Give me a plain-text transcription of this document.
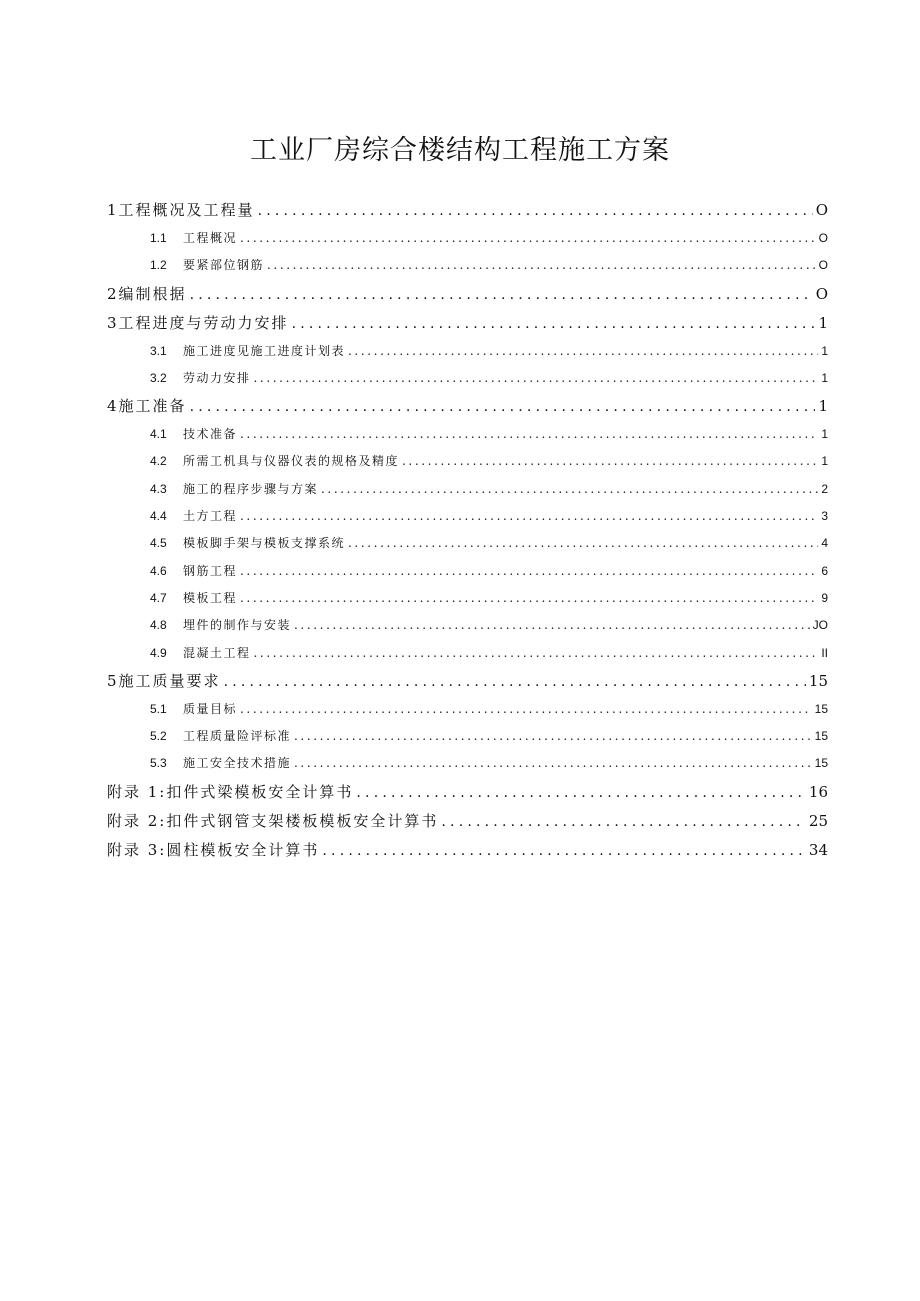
工业厂房综合楼结构工程施工方案
1 工程概况及工程量 .....	O
1.1	工程概况 .....	O
1.2	要紧部位钢筋 .....	O
2 编制根据 .....	O
3 工程进度与劳动力安排 .....	1
3.1	施工进度见施工进度计划表 .....	1
3.2	劳动力安排 .....	1
4 施工准备 .....	1
4.1	技术准备 .....	1
4.2	所需工机具与仪器仪表的规格及精度 .....	1
4.3	施工的程序步骤与方案 .....	2
4.4	土方工程 .....	3
4.5	模板脚手架与模板支撑系统 .....	4
4.6	钢筋工程 .....	6
4.7	模板工程 .....	9
4.8	埋件的制作与安装 .....	JO
4.9	混凝土工程 .....	II
5 施工质量要求 .....	15
5.1	质量目标 .....	15
5.2	工程质量险评标准 .....	15
5.3	施工安全技术措施 .....	15
附录 1: 扣件式梁模板安全计算书 .....	16
附录 2: 扣件式钢管支架楼板模板安全计算书 .....	25
附录 3: 圆柱模板安全计算书 .....	34
